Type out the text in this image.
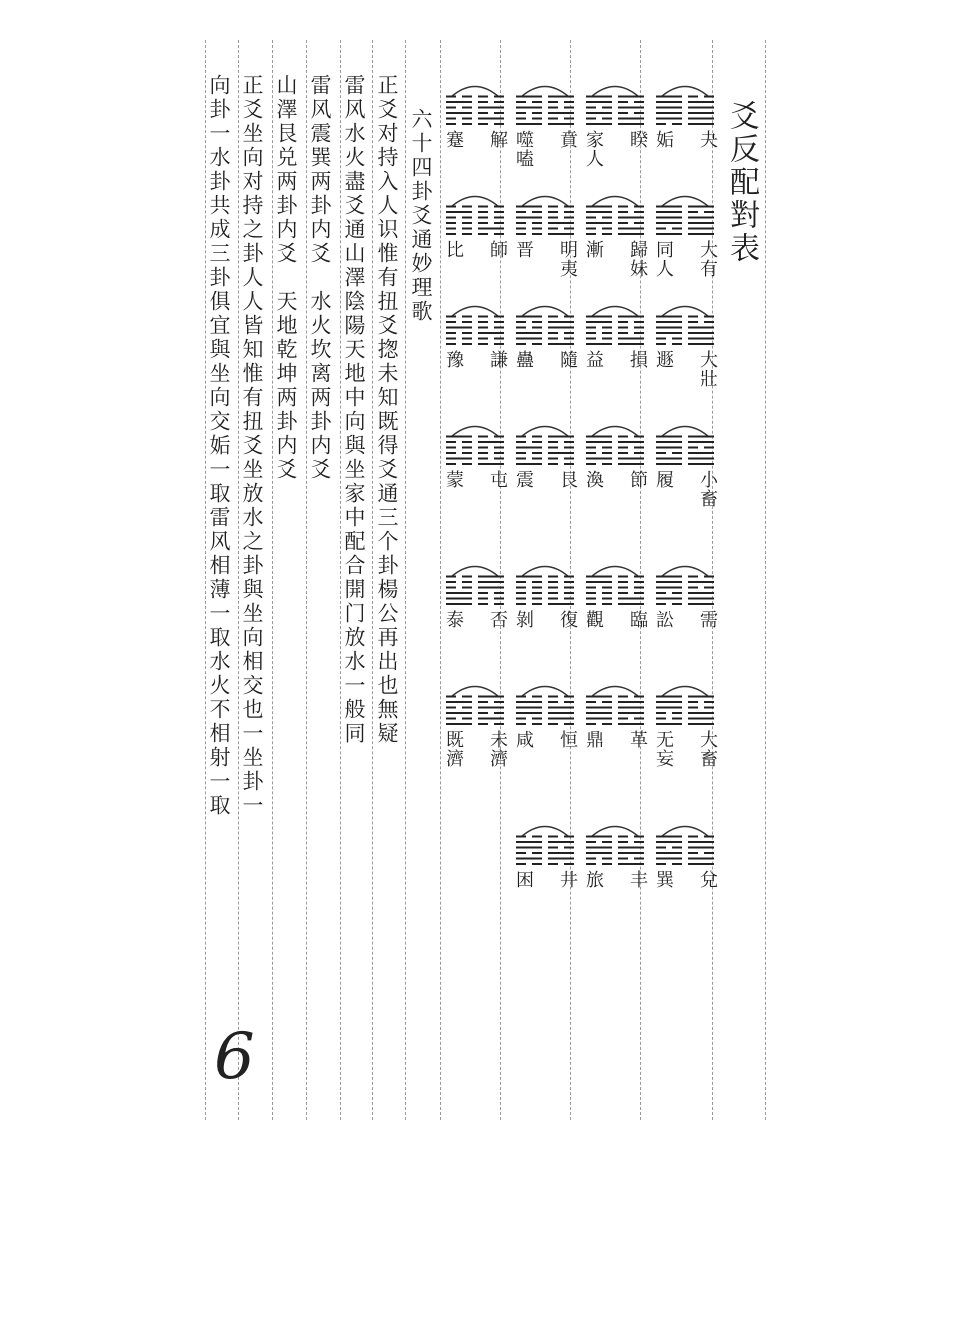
爻反配對表
夬
姤
大有
同人
大壯
遯
小畜
履
需
訟
大畜
无妄
兌
巽
睽
家人
歸妹
漸
損
益
節
渙
臨
觀
革
鼎
丰
旅
賁
噬嗑
明夷
晋
隨
蠱
艮
震
復
剝
恒
咸
井
困
解
蹇
師
比
謙
豫
屯
蒙
否
泰
未濟
既濟
六十四卦爻通妙理歌
正爻对持入人识惟有扭爻揔未知既得爻通三个卦楊公再出也無疑
雷风水火盡爻通山澤陰陽天地中向與坐家中配合開门放水一般同
雷风震巽两卦内爻　水火坎离两卦内爻
山澤艮兑两卦内爻　天地乾坤两卦内爻
正爻坐向对持之卦人人皆知惟有扭爻坐放水之卦與坐向相交也一坐卦一
向卦一水卦共成三卦俱宜與坐向交姤一取雷风相薄一取水火不相射一取
6
